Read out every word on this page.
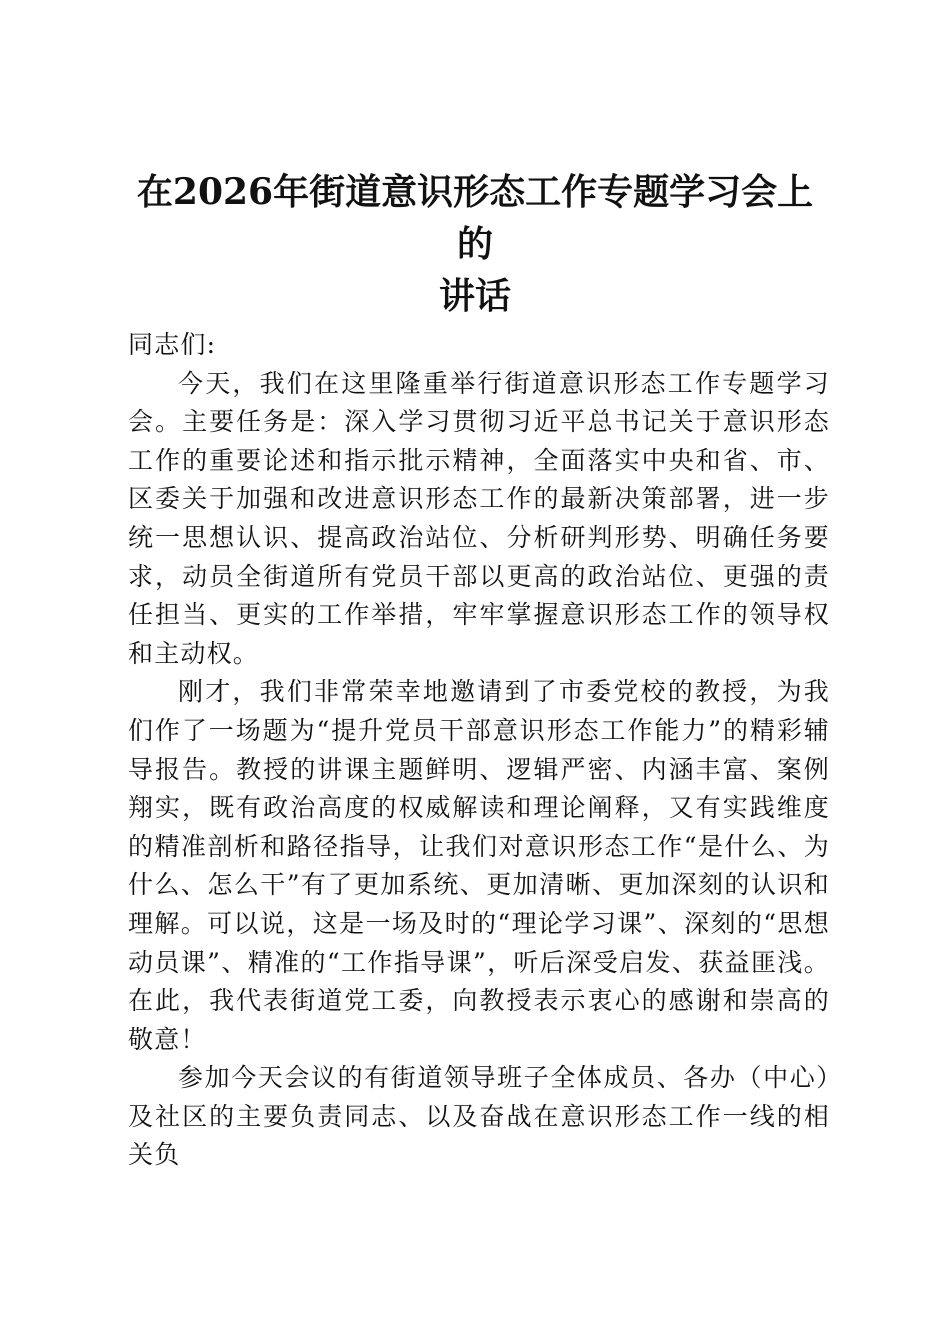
在2026年街道意识形态工作专题学习会上的
讲话

同志们:

今天，我们在这里隆重举行街道意识形态工作专题学习会。主要任务是：深入学习贯彻习近平总书记关于意识形态工作的重要论述和指示批示精神，全面落实中央和省、市、区委关于加强和改进意识形态工作的最新决策部署，进一步统一思想认识、提高政治站位、分析研判形势、明确任务要求，动员全街道所有党员干部以更高的政治站位、更强的责任担当、更实的工作举措，牢牢掌握意识形态工作的领导权和主动权。

刚才，我们非常荣幸地邀请到了市委党校的教授，为我们作了一场题为“提升党员干部意识形态工作能力”的精彩辅导报告。教授的讲课主题鲜明、逻辑严密、内涵丰富、案例翔实，既有政治高度的权威解读和理论阐释，又有实践维度的精准剖析和路径指导，让我们对意识形态工作“是什么、为什么、怎么干”有了更加系统、更加清晰、更加深刻的认识和理解。可以说，这是一场及时的“理论学习课”、深刻的“思想动员课”、精准的“工作指导课”，听后深受启发、获益匪浅。在此，我代表街道党工委，向教授表示衷心的感谢和崇高的敬意！

参加今天会议的有街道领导班子全体成员、各办（中心）及社区的主要负责同志、以及奋战在意识形态工作一线的相关负
